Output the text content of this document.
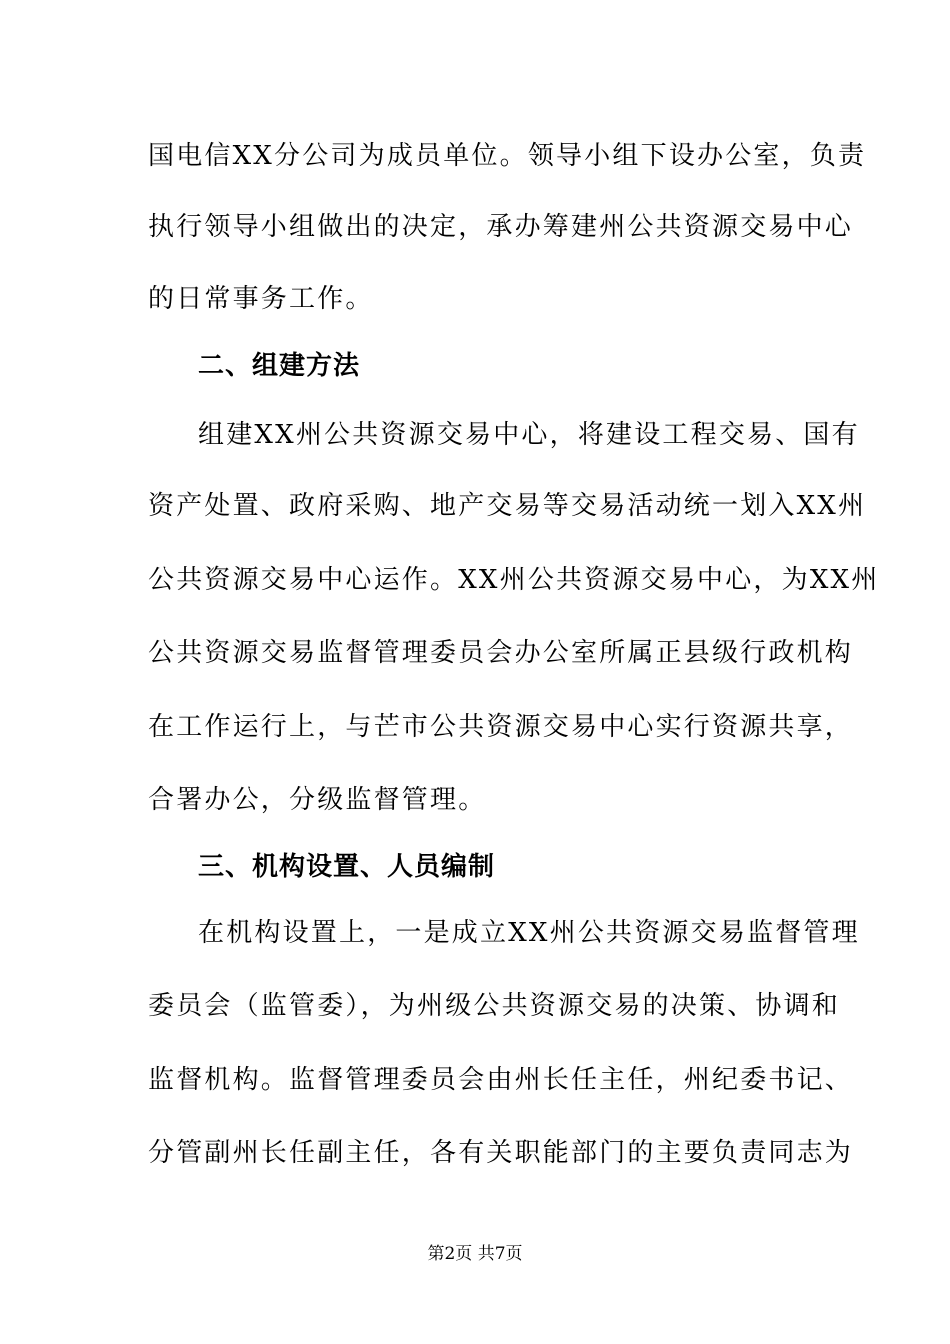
国电信XX分公司为成员单位。领导小组下设办公室，负责
执行领导小组做出的决定，承办筹建州公共资源交易中心
的日常事务工作。
二、组建方法
组建XX州公共资源交易中心，将建设工程交易、国有
资产处置、政府采购、地产交易等交易活动统一划入XX州
公共资源交易中心运作。XX州公共资源交易中心，为XX州
公共资源交易监督管理委员会办公室所属正县级行政机构
在工作运行上，与芒市公共资源交易中心实行资源共享，
合署办公，分级监督管理。
三、机构设置、人员编制
在机构设置上，一是成立XX州公共资源交易监督管理
委员会（监管委），为州级公共资源交易的决策、协调和
监督机构。监督管理委员会由州长任主任，州纪委书记、
分管副州长任副主任，各有关职能部门的主要负责同志为
第2页 共7页
